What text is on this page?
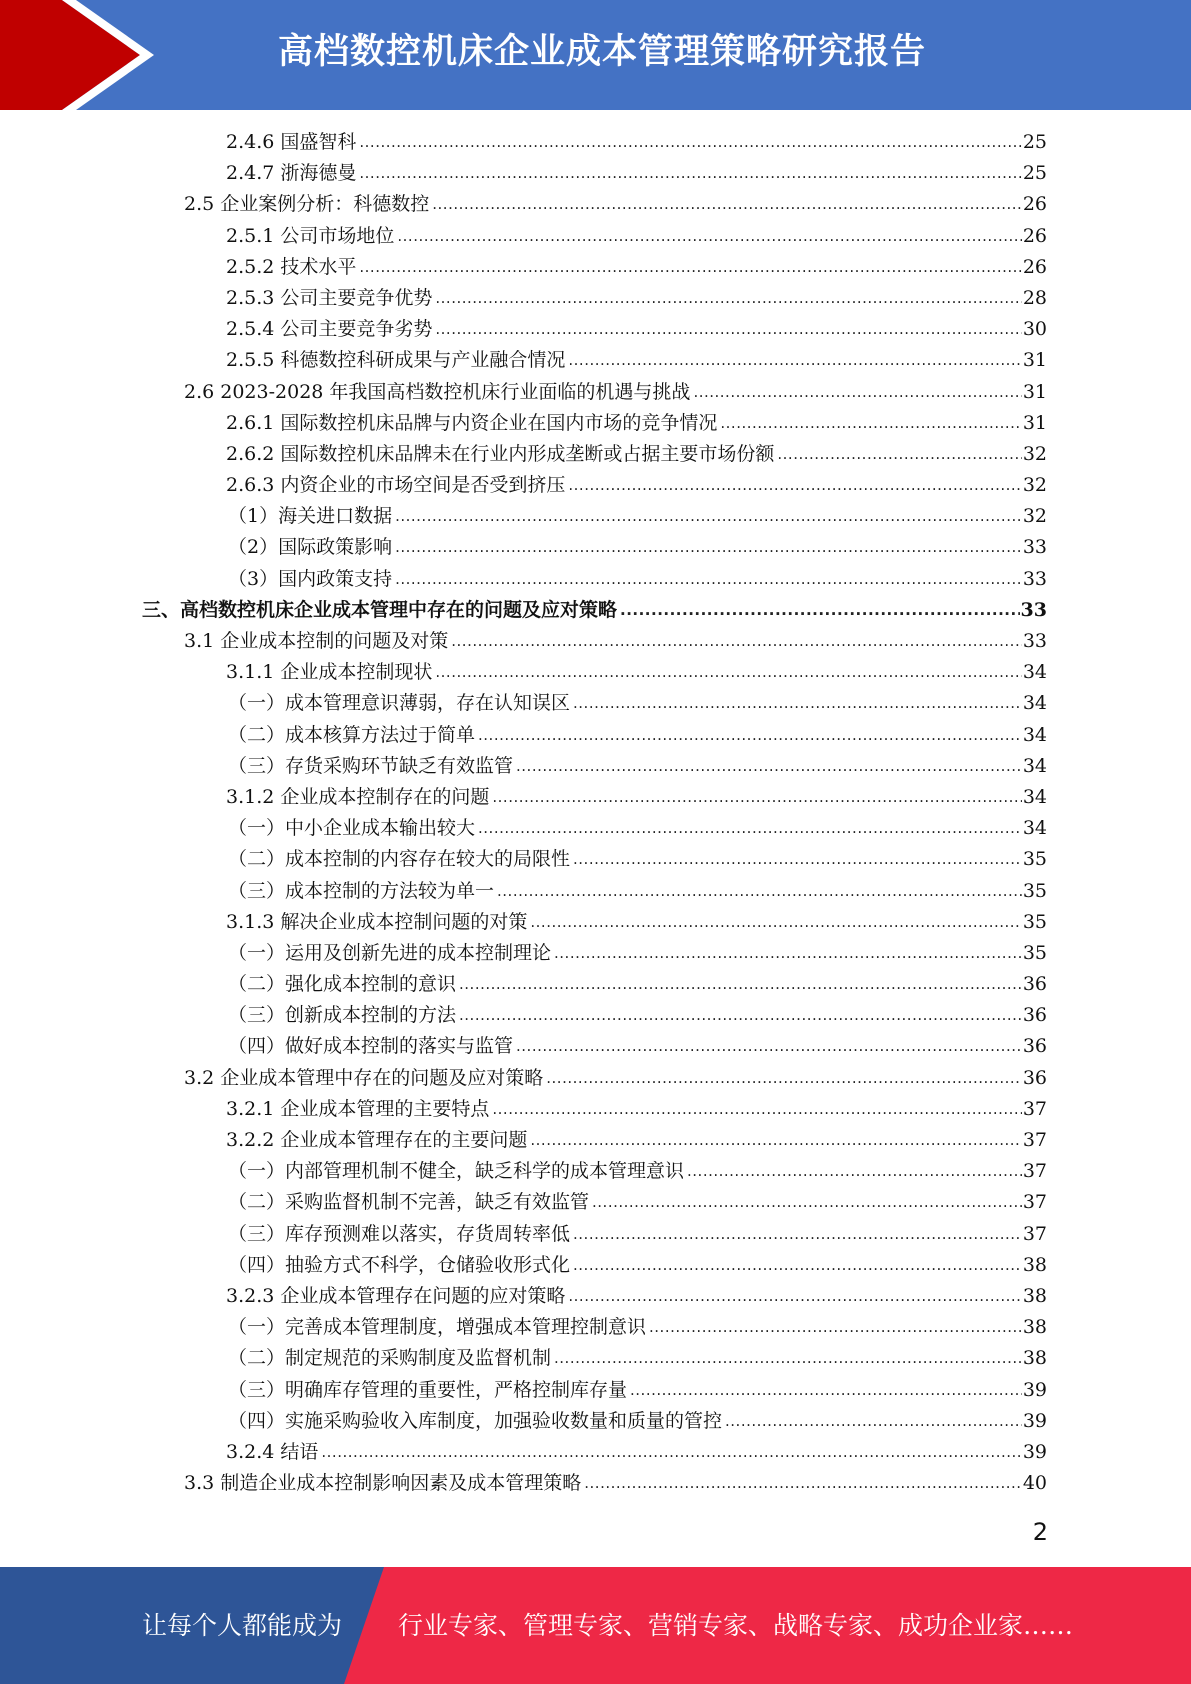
高档数控机床企业成本管理策略研究报告
2.4.6 国盛智科 .....	25
2.4.7 浙海德曼 .....	25
2.5 企业案例分析：科德数控 .....	26
2.5.1 公司市场地位 .....	26
2.5.2 技术水平 .....	26
2.5.3 公司主要竞争优势 .....	28
2.5.4 公司主要竞争劣势 .....	30
2.5.5 科德数控科研成果与产业融合情况 .....	31
2.6 2023-2028 年我国高档数控机床行业面临的机遇与挑战 .....	31
2.6.1 国际数控机床品牌与内资企业在国内市场的竞争情况 .....	31
2.6.2 国际数控机床品牌未在行业内形成垄断或占据主要市场份额 .....	32
2.6.3 内资企业的市场空间是否受到挤压 .....	32
（1）海关进口数据 .....	32
（2）国际政策影响 .....	33
（3）国内政策支持 .....	33
三、高档数控机床企业成本管理中存在的问题及应对策略 .....	33
3.1 企业成本控制的问题及对策 .....	33
3.1.1 企业成本控制现状 .....	34
（一）成本管理意识薄弱，存在认知误区 .....	34
（二）成本核算方法过于简单 .....	34
（三）存货采购环节缺乏有效监管 .....	34
3.1.2 企业成本控制存在的问题 .....	34
（一）中小企业成本输出较大 .....	34
（二）成本控制的内容存在较大的局限性 .....	35
（三）成本控制的方法较为单一 .....	35
3.1.3 解决企业成本控制问题的对策 .....	35
（一）运用及创新先进的成本控制理论 .....	35
（二）强化成本控制的意识 .....	36
（三）创新成本控制的方法 .....	36
（四）做好成本控制的落实与监管 .....	36
3.2 企业成本管理中存在的问题及应对策略 .....	36
3.2.1 企业成本管理的主要特点 .....	37
3.2.2 企业成本管理存在的主要问题 .....	37
（一）内部管理机制不健全，缺乏科学的成本管理意识 .....	37
（二）采购监督机制不完善，缺乏有效监管 .....	37
（三）库存预测难以落实，存货周转率低 .....	37
（四）抽验方式不科学，仓储验收形式化 .....	38
3.2.3 企业成本管理存在问题的应对策略 .....	38
（一）完善成本管理制度，增强成本管理控制意识 .....	38
（二）制定规范的采购制度及监督机制 .....	38
（三）明确库存管理的重要性，严格控制库存量 .....	39
（四）实施采购验收入库制度，加强验收数量和质量的管控 .....	39
3.2.4 结语 .....	39
3.3 制造企业成本控制影响因素及成本管理策略 .....	40
2
让每个人都能成为 行业专家、管理专家、营销专家、战略专家、成功企业家……
